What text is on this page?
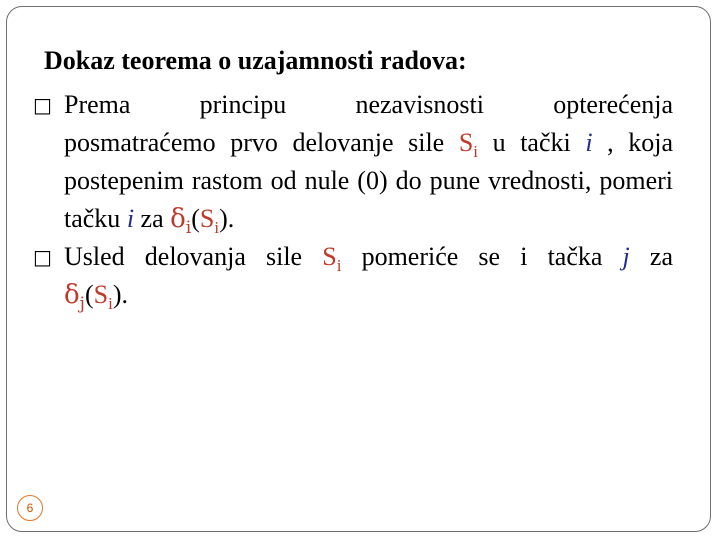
Dokaz teorema o uzajamnosti radova:

□ Prema principu nezavisnosti opterećenja
posmatraćemo prvo delovanje sile $S_i$ u tački i , koja postepenim rastom od nule (0) do pune vrednosti, pomeri tačku i za $\delta_i(S_i)$.

□ Usled delovanja sile $S_i$ pomeriće se i tačka j za
$\delta_j(S_i)$.

6
